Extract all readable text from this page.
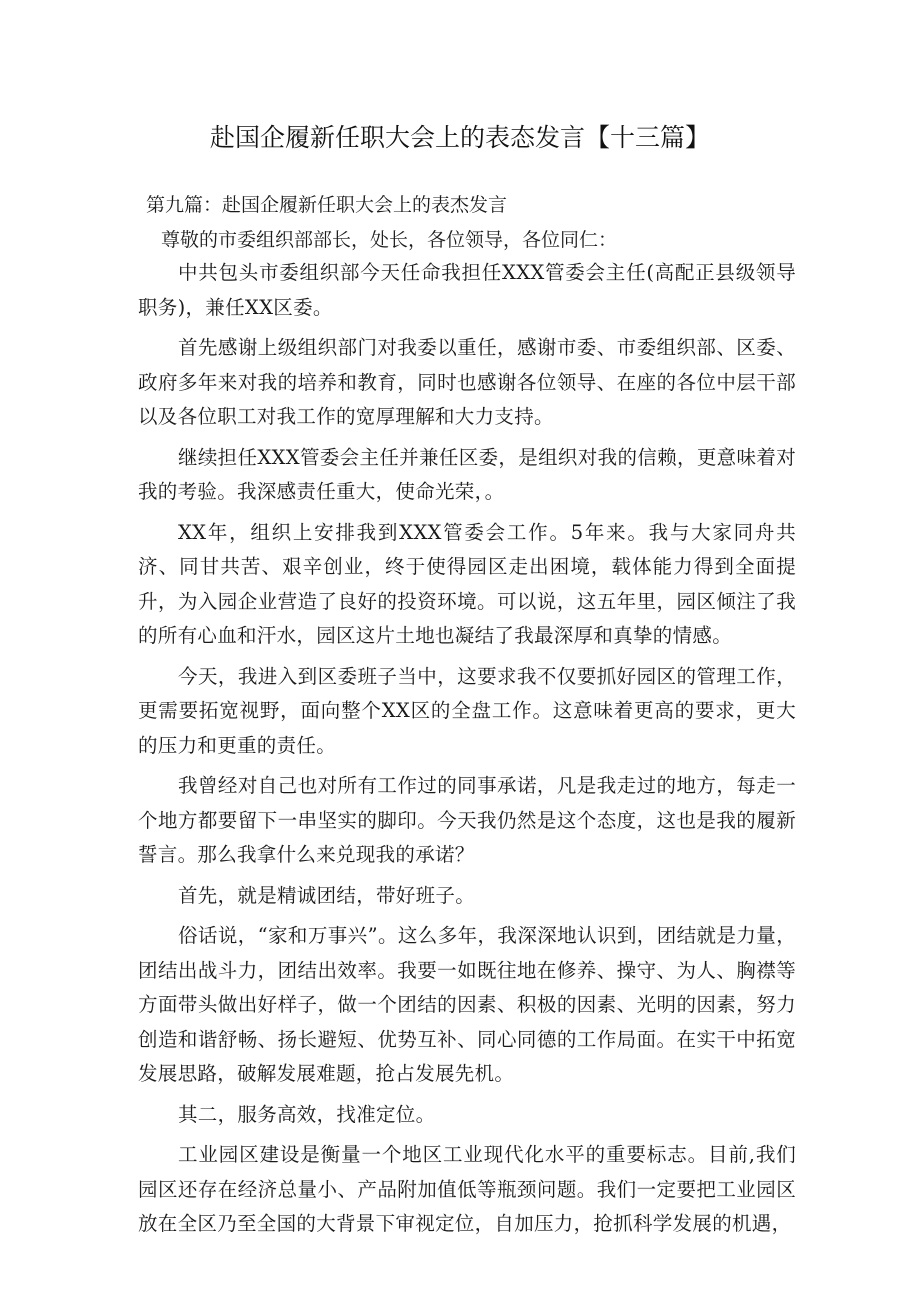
赴国企履新任职大会上的表态发言【十三篇】

第九篇：赴国企履新任职大会上的表杰发言

尊敬的市委组织部部长，处长，各位领导，各位同仁：

中共包头市委组织部今天任命我担任XXX管委会主任(高配正县级领导职务)，兼任XX区委。

首先感谢上级组织部门对我委以重任，感谢市委、市委组织部、区委、政府多年来对我的培养和教育，同时也感谢各位领导、在座的各位中层干部以及各位职工对我工作的宽厚理解和大力支持。

继续担任XXX管委会主任并兼任区委，是组织对我的信赖，更意味着对我的考验。我深感责任重大，使命光荣，。

XX年，组织上安排我到XXX管委会工作。5年来。我与大家同舟共济、同甘共苦、艰辛创业，终于使得园区走出困境，载体能力得到全面提升，为入园企业营造了良好的投资环境。可以说，这五年里，园区倾注了我的所有心血和汗水，园区这片土地也凝结了我最深厚和真挚的情感。

今天，我进入到区委班子当中，这要求我不仅要抓好园区的管理工作，更需要拓宽视野，面向整个XX区的全盘工作。这意味着更高的要求，更大的压力和更重的责任。

我曾经对自己也对所有工作过的同事承诺，凡是我走过的地方，每走一个地方都要留下一串坚实的脚印。今天我仍然是这个态度，这也是我的履新誓言。那么我拿什么来兑现我的承诺？

首先，就是精诚团结，带好班子。

俗话说，“家和万事兴”。这么多年，我深深地认识到，团结就是力量，团结出战斗力，团结出效率。我要一如既往地在修养、操守、为人、胸襟等方面带头做出好样子，做一个团结的因素、积极的因素、光明的因素，努力创造和谐舒畅、扬长避短、优势互补、同心同德的工作局面。在实干中拓宽发展思路，破解发展难题，抢占发展先机。

其二，服务高效，找准定位。

工业园区建设是衡量一个地区工业现代化水平的重要标志。目前,我们园区还存在经济总量小、产品附加值低等瓶颈问题。我们一定要把工业园区放在全区乃至全国的大背景下审视定位，自加压力，抢抓科学发展的机遇，
